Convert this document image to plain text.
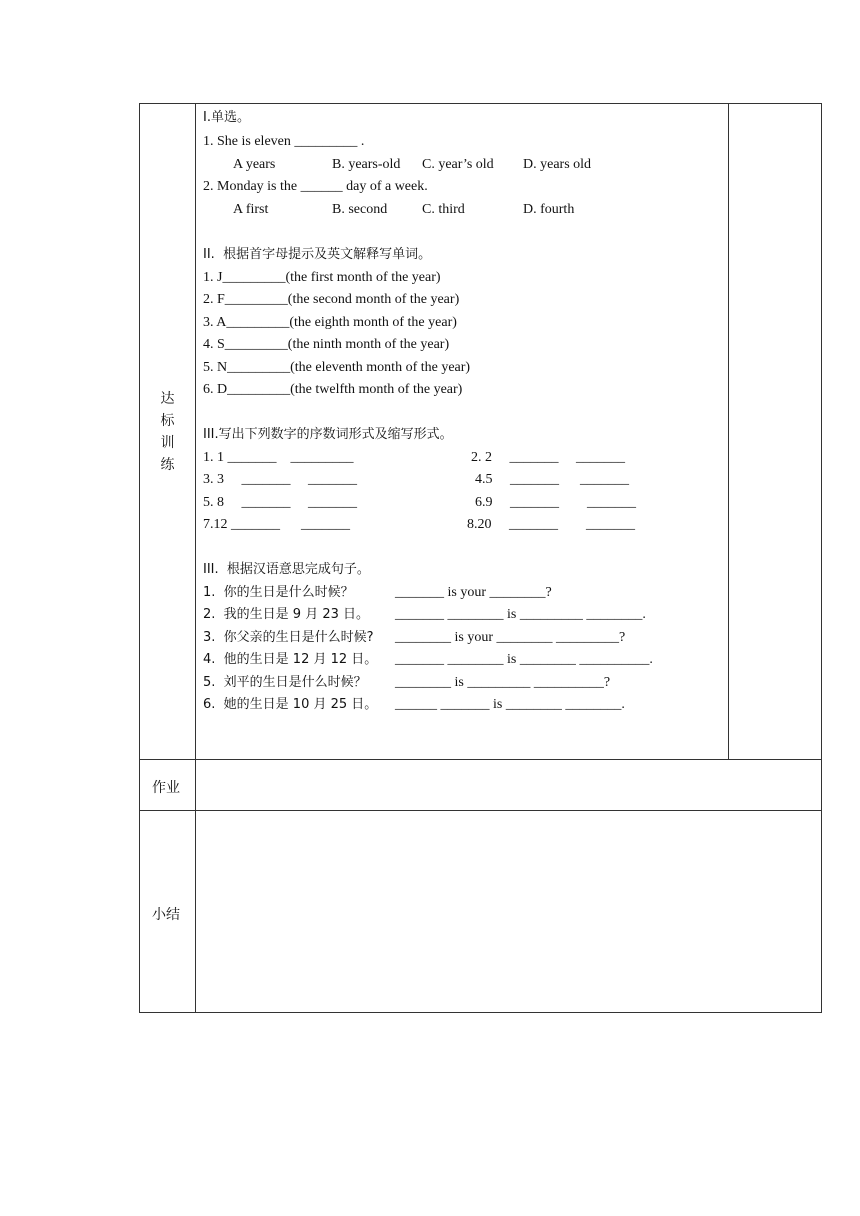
达标训练
作业
小结
Ⅰ.单选。
1. She is eleven _________ .
A years	B. years-old C. year’s old D. years old
2. Monday is the ______ day of a week.
A first	B. second C. third	D. fourth
II.  根据首字母提示及英文解释写单词。
1. J_________(the first month of the year)
2. F_________(the second month of the year)
3. A_________(the eighth month of the year)
4. S_________(the ninth month of the year)
5. N_________(the eleventh month of the year)
6. D_________(the twelfth month of the year)
III.写出下列数字的序数词形式及缩写形式。
1. 1 _______    _________	2. 2     _______     _______
3. 3     _______     _______	4.5     _______      _______
5. 8     _______     _______	6.9     _______        _______
7.12 _______      _______	8.20     _______        _______
III.  根据汉语意思完成句子。
1.  你的生日是什么时候？	_______ is your ________?
2.  我的生日是 9 月 23 日。 _______ ________ is _________ ________.
3.  你父亲的生日是什么时候? ________ is your ________ _________?
4.  他的生日是 12 月 12 日。 _______ ________ is ________ __________.
5.  刘平的生日是什么时候？ ________ is _________ __________?
6.  她的生日是 10 月 25 日。 ______ _______ is ________ ________.
